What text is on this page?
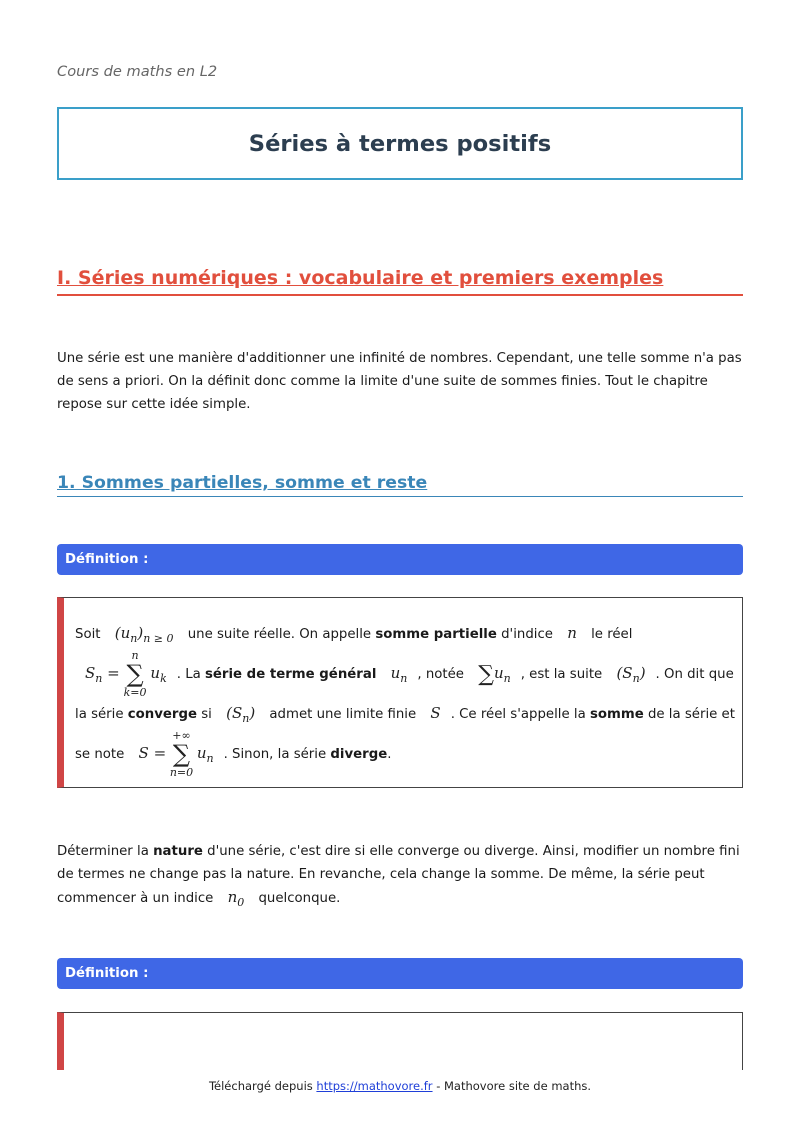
Cours de maths en L2
Séries à termes positifs
I. Séries numériques : vocabulaire et premiers exemples

Une série est une manière d'additionner une infinité de nombres. Cependant, une telle somme n'a pas de sens a priori. On la définit donc comme la limite d'une suite de sommes finies. Tout le chapitre repose sur cette idée simple.

1. Sommes partielles, somme et reste
Définition :

Soit $(u_n)_{n \ge 0}$ une suite réelle. On appelle somme partielle d'indice n le réel
$S_n$ =
n
∑
k=0
$u_k$ . La série de terme général $u_n$ , notée $\sum u_n$ , est la suite $(S_n)$ . On dit que la série converge si $(S_n)$ admet une limite finie S . Ce réel s'appelle la somme de la série et se note S =
+∞
∑
n=0
$u_n$ . Sinon, la série diverge.

Déterminer la nature d'une série, c'est dire si elle converge ou diverge. Ainsi, modifier un nombre fini de termes ne change pas la nature. En revanche, cela change la somme. De même, la série peut commencer à un indice $n_0$ quelconque.

Définition :
Téléchargé depuis https://mathovore.fr - Mathovore site de maths.
